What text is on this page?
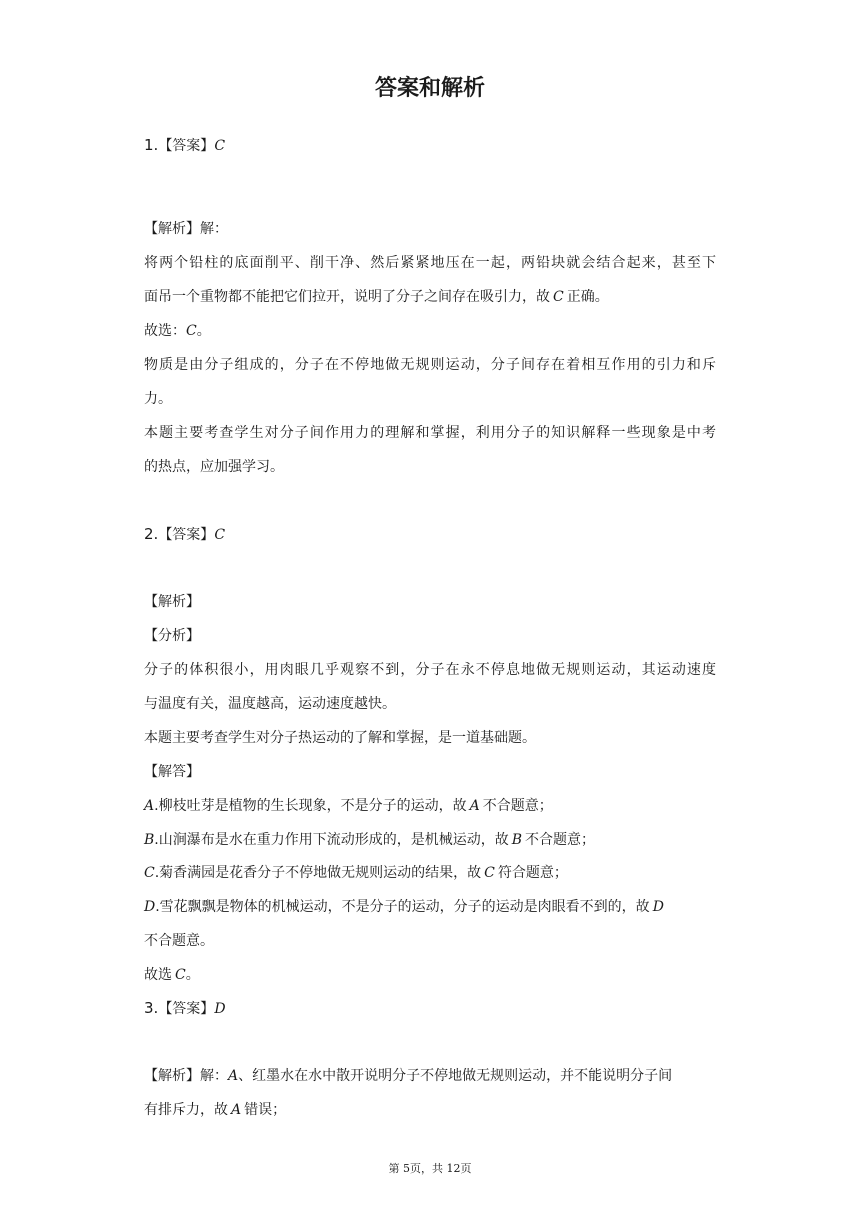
答案和解析
1.【答案】C
【解析】解：
将两个铅柱的底面削平、削干净、然后紧紧地压在一起，两铅块就会结合起来，甚至下
面吊一个重物都不能把它们拉开，说明了分子之间存在吸引力，故 C 正确。
故选：C。
物质是由分子组成的，分子在不停地做无规则运动，分子间存在着相互作用的引力和斥
力。
本题主要考查学生对分子间作用力的理解和掌握，利用分子的知识解释一些现象是中考
的热点，应加强学习。
2.【答案】C
【解析】
【分析】
分子的体积很小，用肉眼几乎观察不到，分子在永不停息地做无规则运动，其运动速度
与温度有关，温度越高，运动速度越快。
本题主要考查学生对分子热运动的了解和掌握，是一道基础题。
【解答】
A.柳枝吐芽是植物的生长现象，不是分子的运动，故 A 不合题意；
B.山涧瀑布是水在重力作用下流动形成的，是机械运动，故 B 不合题意；
C.菊香满园是花香分子不停地做无规则运动的结果，故 C 符合题意；
D.雪花飘飘是物体的机械运动，不是分子的运动，分子的运动是肉眼看不到的，故 D
不合题意。
故选 C。
3.【答案】D
【解析】解：A、红墨水在水中散开说明分子不停地做无规则运动，并不能说明分子间
有排斥力，故 A 错误；
第 5页，共 12页
